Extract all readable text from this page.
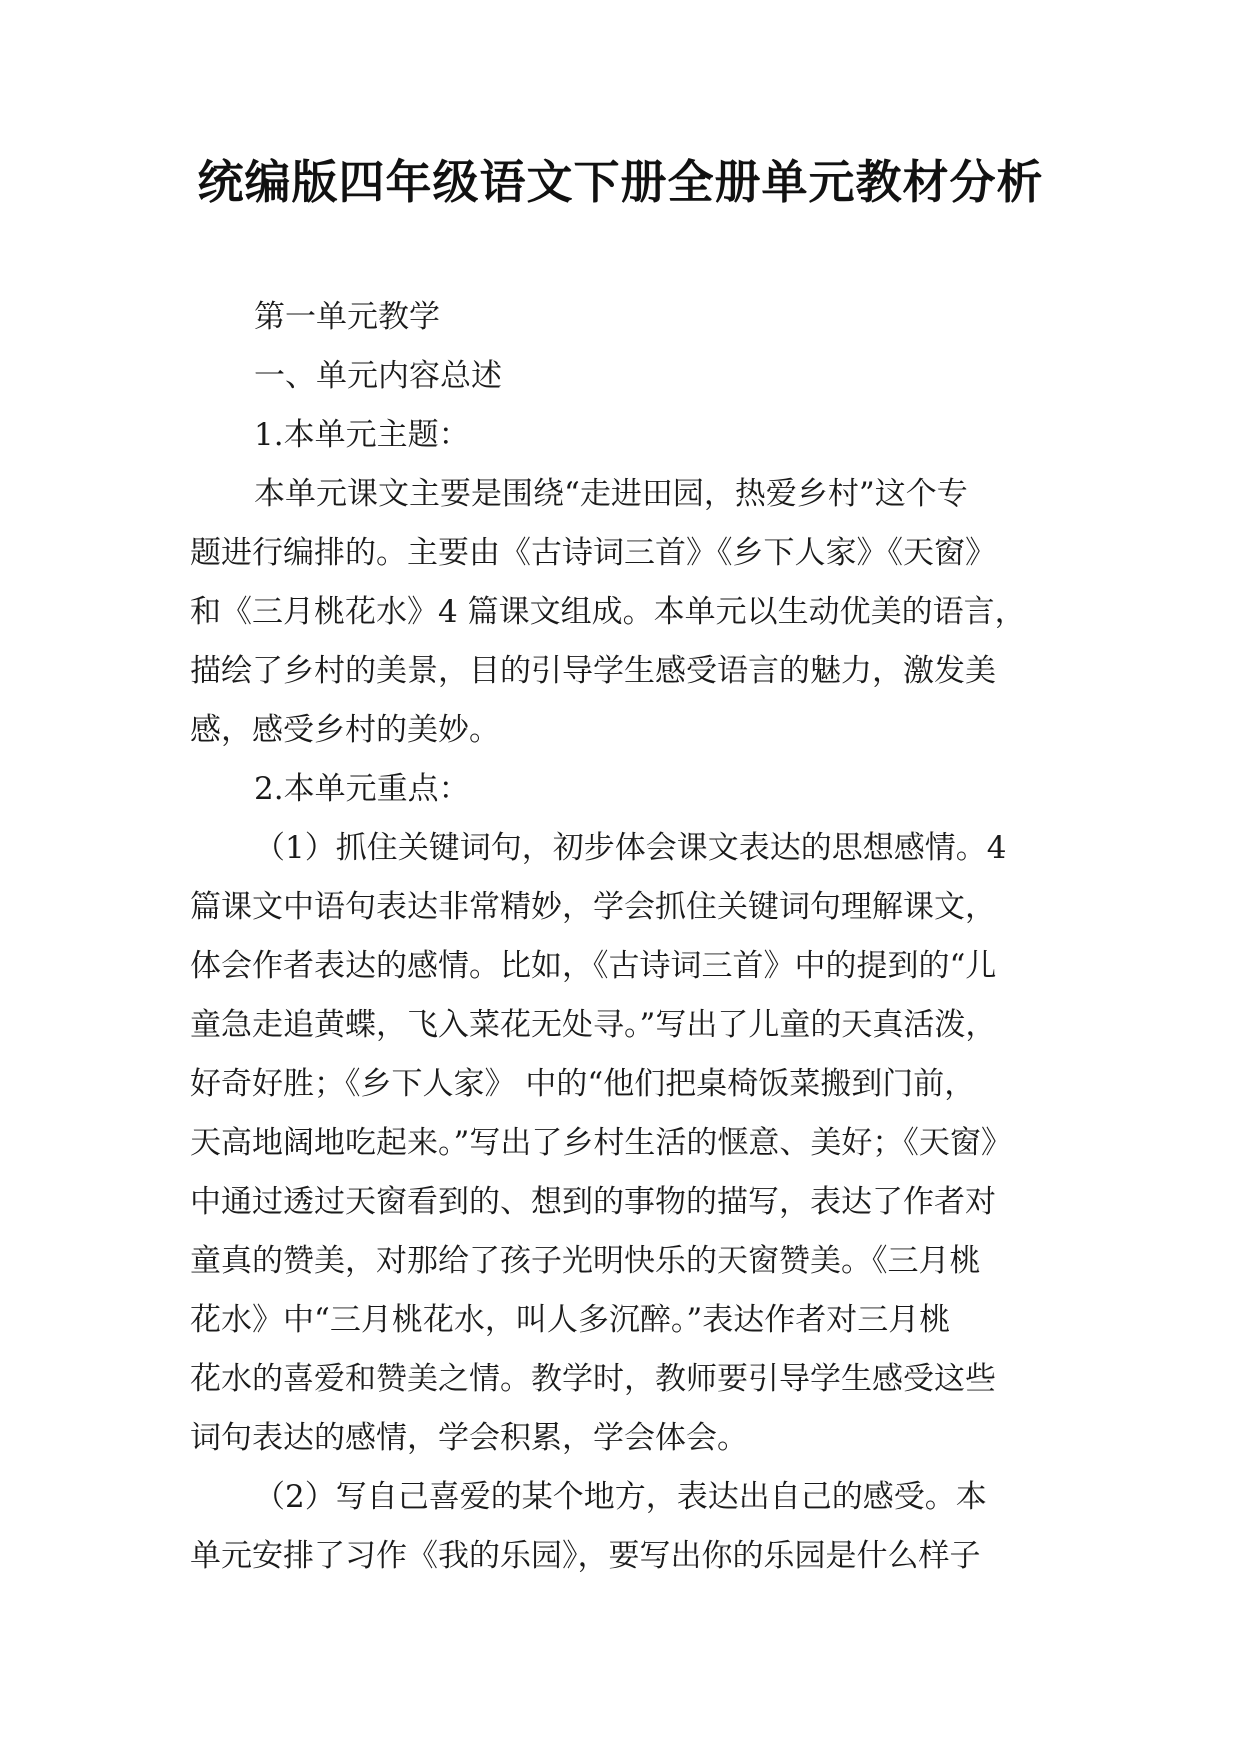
统编版四年级语文下册全册单元教材分析

第一单元教学

一、单元内容总述

1.本单元主题：

本单元课文主要是围绕“走进田园，热爱乡村”这个专

题进行编排的。主要由《古诗词三首》《乡下人家》《天窗》

和《三月桃花水》4 篇课文组成。本单元以生动优美的语言，

描绘了乡村的美景，目的引导学生感受语言的魅力，激发美

感，感受乡村的美妙。

2.本单元重点：

（1）抓住关键词句，初步体会课文表达的思想感情。4

篇课文中语句表达非常精妙，学会抓住关键词句理解课文，

体会作者表达的感情。比如，《古诗词三首》中的提到的“儿

童急走追黄蝶，飞入菜花无处寻。”写出了儿童的天真活泼，

好奇好胜；《乡下人家》 中的“他们把桌椅饭菜搬到门前，

天高地阔地吃起来。”写出了乡村生活的惬意、美好；《天窗》

中通过透过天窗看到的、想到的事物的描写，表达了作者对

童真的赞美，对那给了孩子光明快乐的天窗赞美。《三月桃

花水》中“三月桃花水，叫人多沉醉。”表达作者对三月桃

花水的喜爱和赞美之情。教学时，教师要引导学生感受这些

词句表达的感情，学会积累，学会体会。

（2）写自己喜爱的某个地方，表达出自己的感受。本

单元安排了习作《我的乐园》，要写出你的乐园是什么样子
